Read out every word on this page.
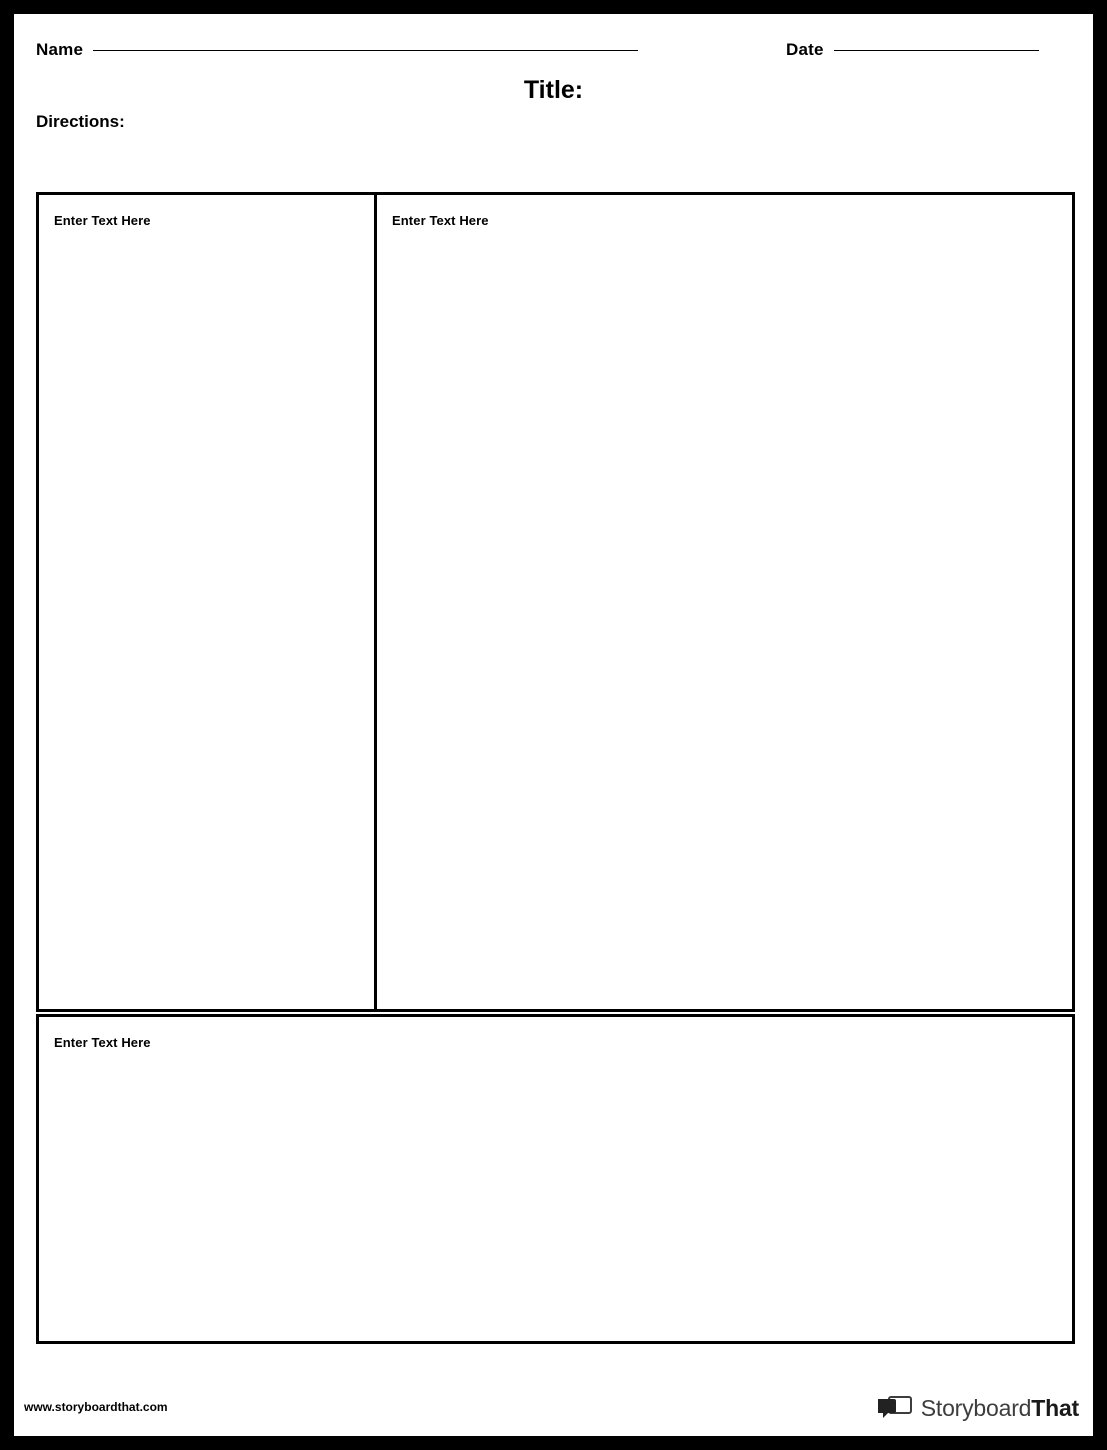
Name	Date
Title:
Directions:
Enter Text Here	Enter Text Here
Enter Text Here
www.storyboardthat.com	StoryboardThat
